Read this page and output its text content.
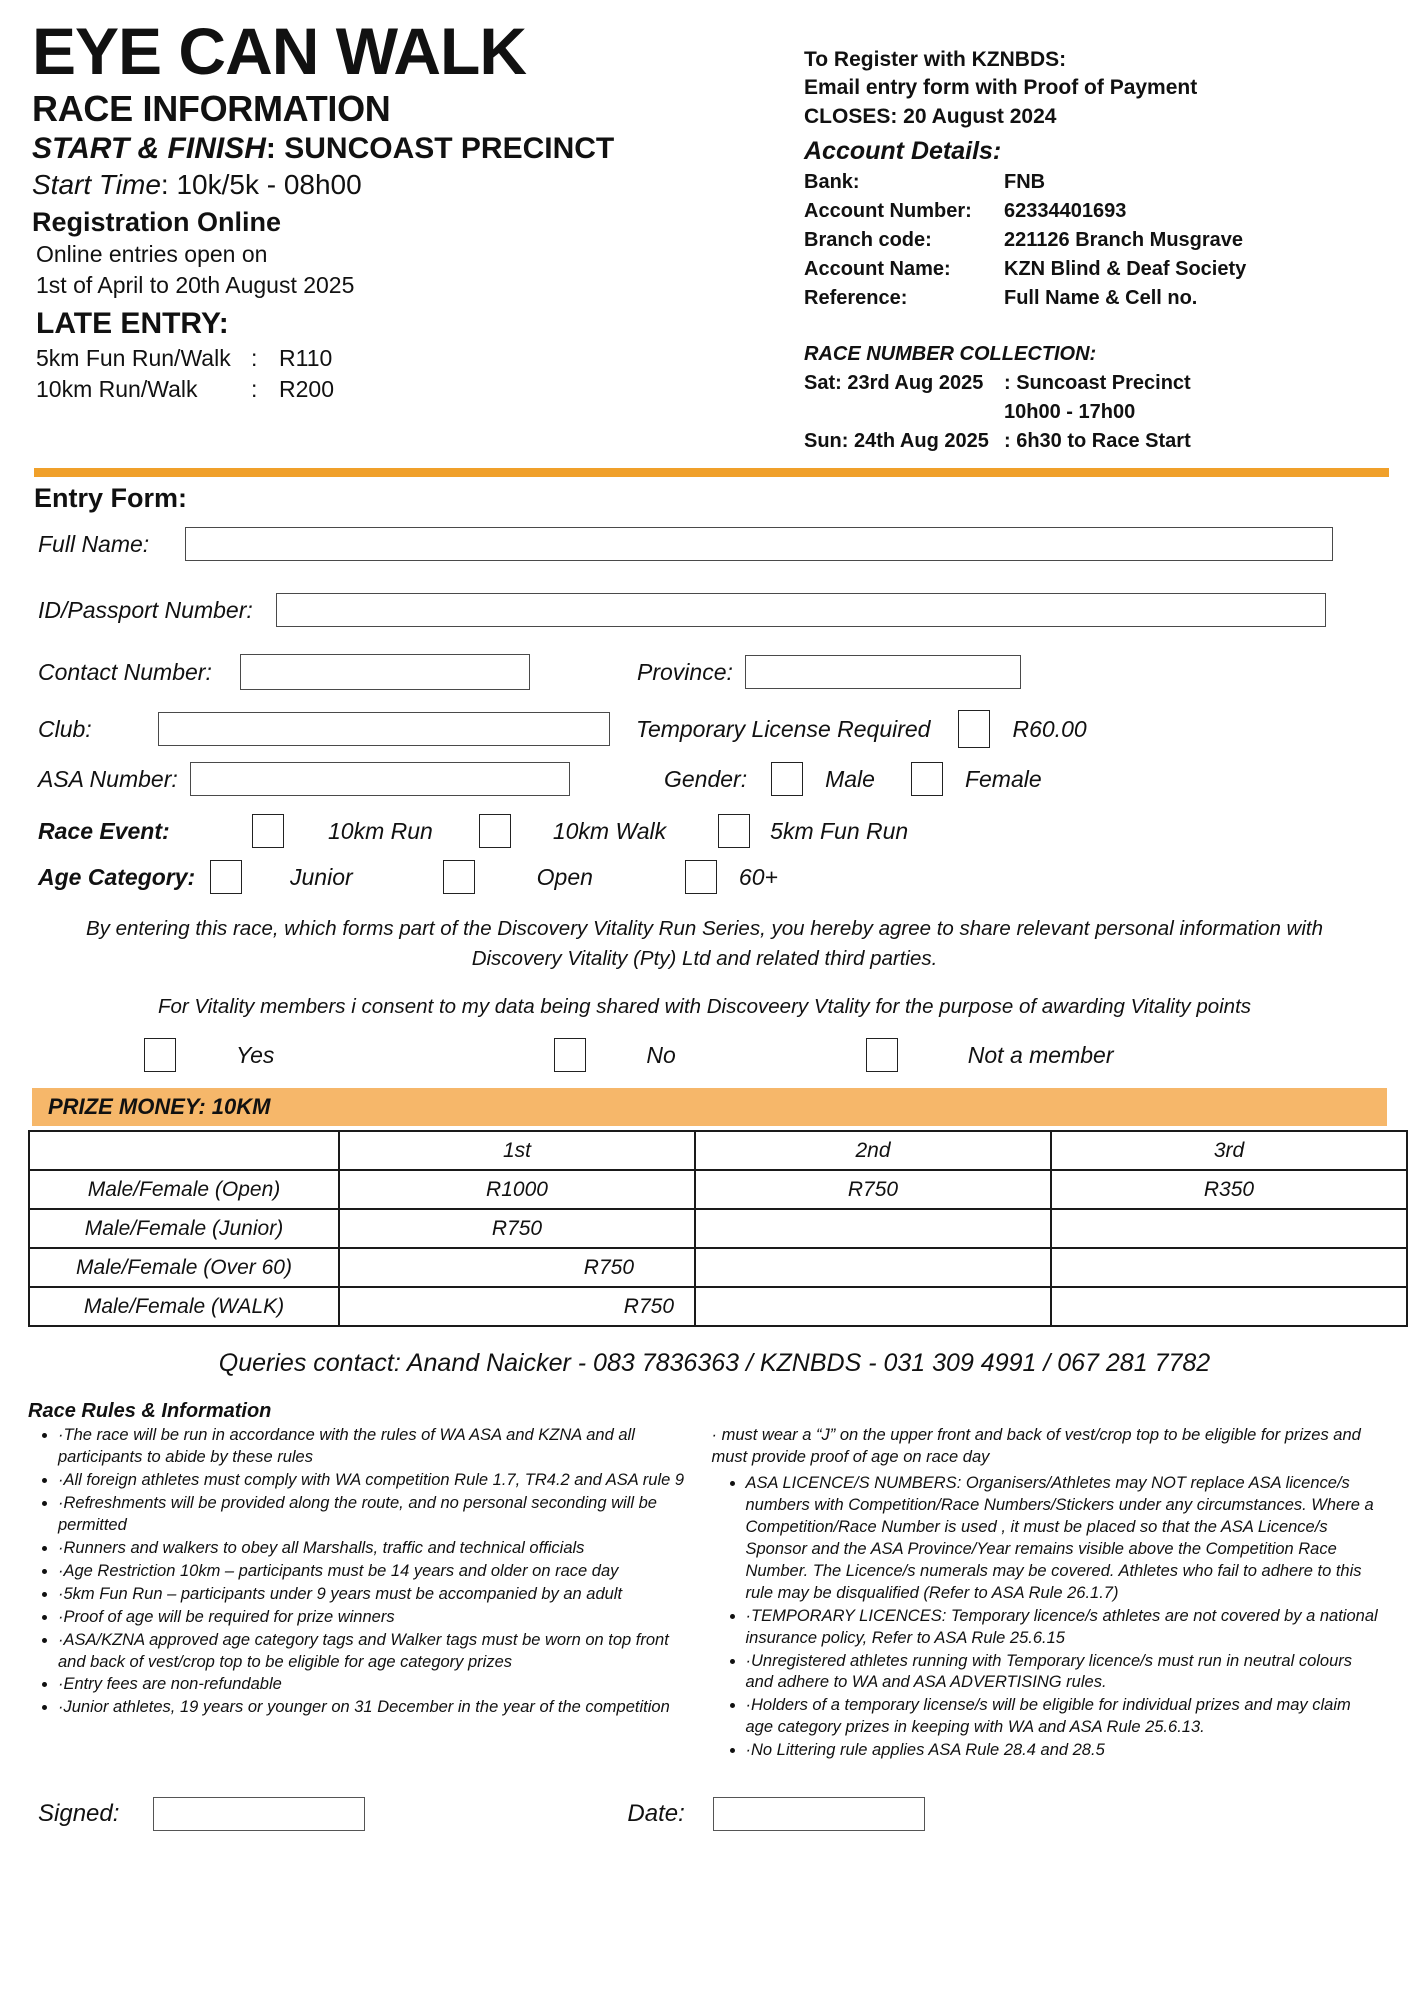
EYE CAN WALK
RACE INFORMATION
START & FINISH: SUNCOAST PRECINCT
Start Time: 10k/5k - 08h00
Registration Online
Online entries open on
1st of April to 20th August 2025
LATE ENTRY:
5km Fun Run/Walk : R110
10km Run/Walk	: R200
To Register with KZNBDS:
Email entry form with Proof of Payment
CLOSES: 20 August 2024
Account Details:
Bank:	FNB
Account Number:	62334401693
Branch code:	221126 Branch Musgrave
Account Name:	KZN Blind & Deaf Society
Reference:	Full Name & Cell no.
RACE NUMBER COLLECTION:
Sat: 23rd Aug 2025	: Suncoast Precinct
10h00 - 17h00
Sun: 24th Aug 2025 : 6h30 to Race Start
Entry Form:
Full Name:
ID/Passport Number:
Contact Number:	Province:
Club:	Temporary License Required	R60.00
ASA Number:	Gender:	Male	Female
Race Event:	10km Run	10km Walk	5km Fun Run
Age Category:	Junior	Open	60+
By entering this race, which forms part of the Discovery Vitality Run Series, you hereby agree to share relevant personal information with Discovery Vitality (Pty) Ltd and related third parties.
For Vitality members i consent to my data being shared with Discoveery Vtality for the purpose of awarding Vitality points
Yes	No	Not a member
PRIZE MONEY: 10KM
	1st	2nd	3rd
Male/Female (Open)	R1000	R750	R350
Male/Female (Junior)	R750		
Male/Female (Over 60)	R750		
Male/Female (WALK)	R750		
Queries contact: Anand Naicker - 083 7836363 / KZNBDS - 031 309 4991 / 067 281 7782
Race Rules & Information
• ·The race will be run in accordance with the rules of WA ASA and KZNA and all participants to abide by these rules
• ·All foreign athletes must comply with WA competition Rule 1.7, TR4.2 and ASA rule 9
• ·Refreshments will be provided along the route, and no personal seconding will be permitted
• ·Runners and walkers to obey all Marshalls, traffic and technical officials
• ·Age Restriction 10km – participants must be 14 years and older on race day
• ·5km Fun Run – participants under 9 years must be accompanied by an adult
• ·Proof of age will be required for prize winners
• ·ASA/KZNA approved age category tags and Walker tags must be worn on top front and back of vest/crop top to be eligible for age category prizes
• ·Entry fees are non-refundable
• ·Junior athletes, 19 years or younger on 31 December in the year of the competition
· must wear a “J” on the upper front and back of vest/crop top to be eligible for prizes and must provide proof of age on race day
• ASA LICENCE/S NUMBERS: Organisers/Athletes may NOT replace ASA licence/s numbers with Competition/Race Numbers/Stickers under any circumstances. Where a Competition/Race Number is used , it must be placed so that the ASA Licence/s Sponsor and the ASA Province/Year remains visible above the Competition Race Number. The Licence/s numerals may be covered. Athletes who fail to adhere to this rule may be disqualified (Refer to ASA Rule 26.1.7)
• ·TEMPORARY LICENCES: Temporary licence/s athletes are not covered by a national insurance policy, Refer to ASA Rule 25.6.15
• ·Unregistered athletes running with Temporary licence/s must run in neutral colours and adhere to WA and ASA ADVERTISING rules.
• ·Holders of a temporary license/s will be eligible for individual prizes and may claim age category prizes in keeping with WA and ASA Rule 25.6.13.
• ·No Littering rule applies ASA Rule 28.4 and 28.5
Signed:	Date:
